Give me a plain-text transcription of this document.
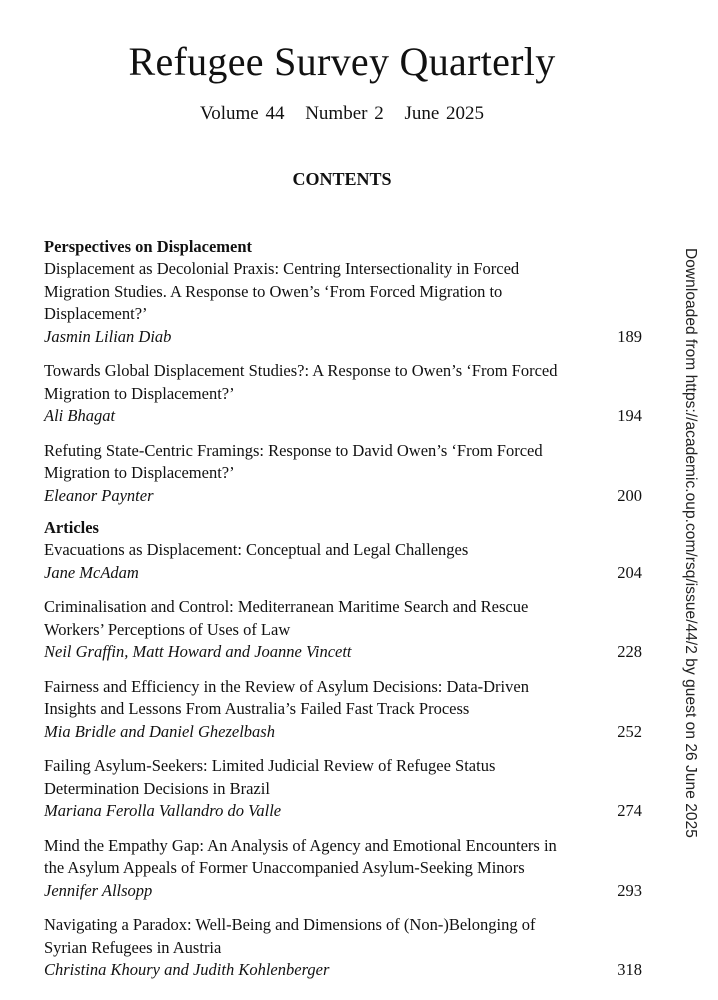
Refugee Survey Quarterly
Volume 44 Number 2 June 2025
CONTENTS
Perspectives on Displacement
Displacement as Decolonial Praxis: Centring Intersectionality in Forced Migration Studies. A Response to Owen’s ‘From Forced Migration to Displacement?’
Jasmin Lilian Diab	189
Towards Global Displacement Studies?: A Response to Owen’s ‘From Forced Migration to Displacement?’
Ali Bhagat	194
Refuting State-Centric Framings: Response to David Owen’s ‘From Forced Migration to Displacement?’
Eleanor Paynter	200
Articles
Evacuations as Displacement: Conceptual and Legal Challenges
Jane McAdam	204
Criminalisation and Control: Mediterranean Maritime Search and Rescue Workers’ Perceptions of Uses of Law
Neil Graffin, Matt Howard and Joanne Vincett	228
Fairness and Efficiency in the Review of Asylum Decisions: Data-Driven Insights and Lessons From Australia’s Failed Fast Track Process
Mia Bridle and Daniel Ghezelbash	252
Failing Asylum-Seekers: Limited Judicial Review of Refugee Status Determination Decisions in Brazil
Mariana Ferolla Vallandro do Valle	274
Mind the Empathy Gap: An Analysis of Agency and Emotional Encounters in the Asylum Appeals of Former Unaccompanied Asylum-Seeking Minors
Jennifer Allsopp	293
Navigating a Paradox: Well-Being and Dimensions of (Non-)Belonging of Syrian Refugees in Austria
Christina Khoury and Judith Kohlenberger	318
Downloaded from https://academic.oup.com/rsq/issue/44/2 by guest on 26 June 2025
